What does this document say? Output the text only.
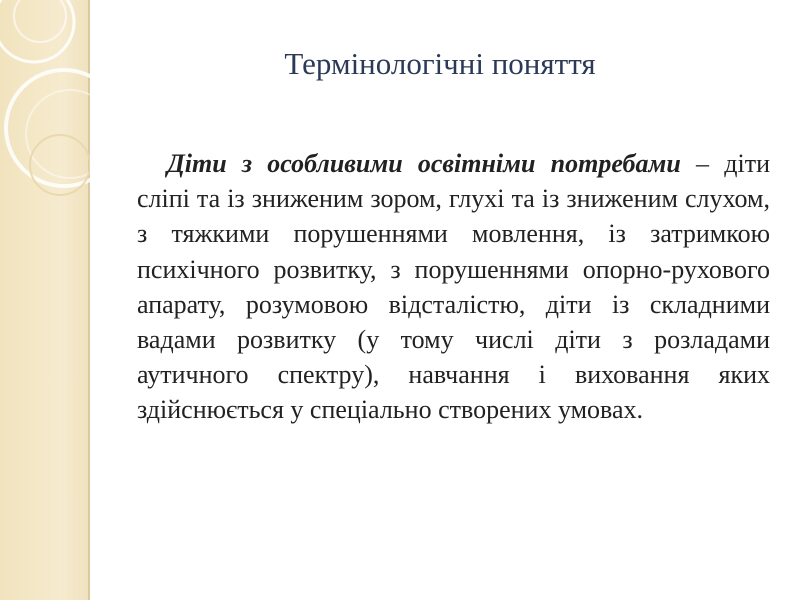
Термінологічні поняття

Діти з особливими освітніми потребами – діти сліпі та із зниженим зором, глухі та із зниженим слухом, з тяжкими порушеннями мовлення, із затримкою психічного розвитку, з порушеннями опорно-рухового апарату, розумовою відсталістю, діти із складними вадами розвитку (у тому числі діти з розладами аутичного спектру), навчання і виховання яких здійснюється у спеціально створених умовах.
